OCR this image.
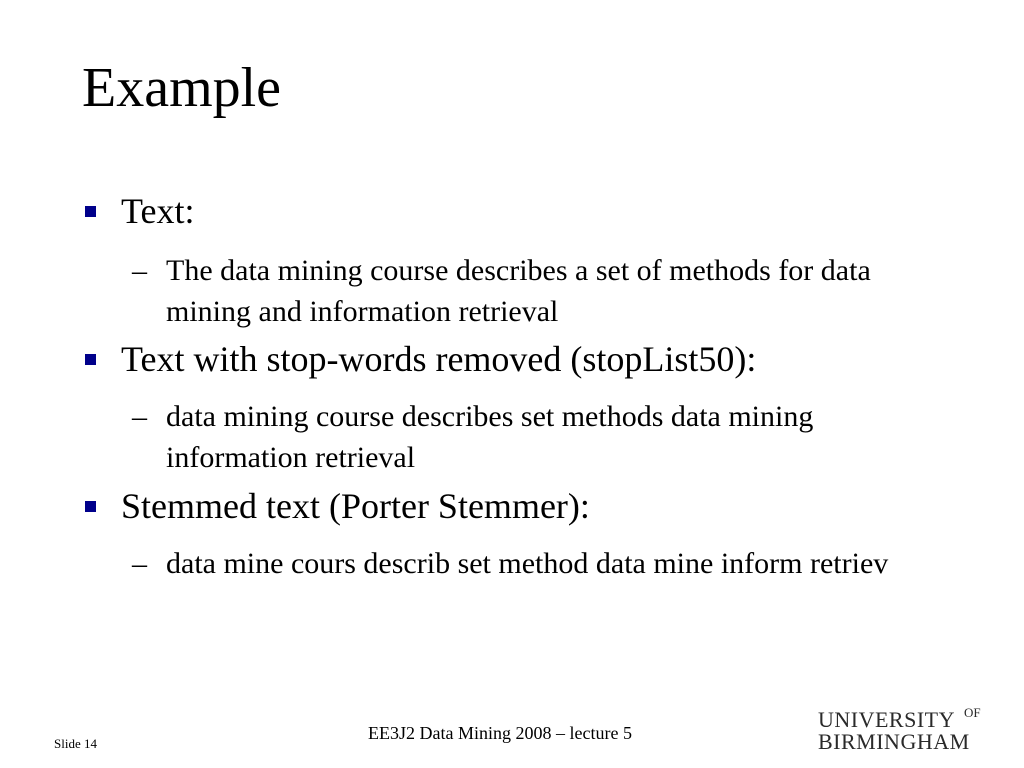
Example
Text:
– The data mining course describes a set of methods for data mining and information retrieval
Text with stop-words removed (stopList50):
– data mining course describes set methods data mining information retrieval
Stemmed text (Porter Stemmer):
– data mine cours describ set method data mine inform retriev
Slide 14
EE3J2 Data Mining 2008 – lecture 5
UNIVERSITY OF
BIRMINGHAM
